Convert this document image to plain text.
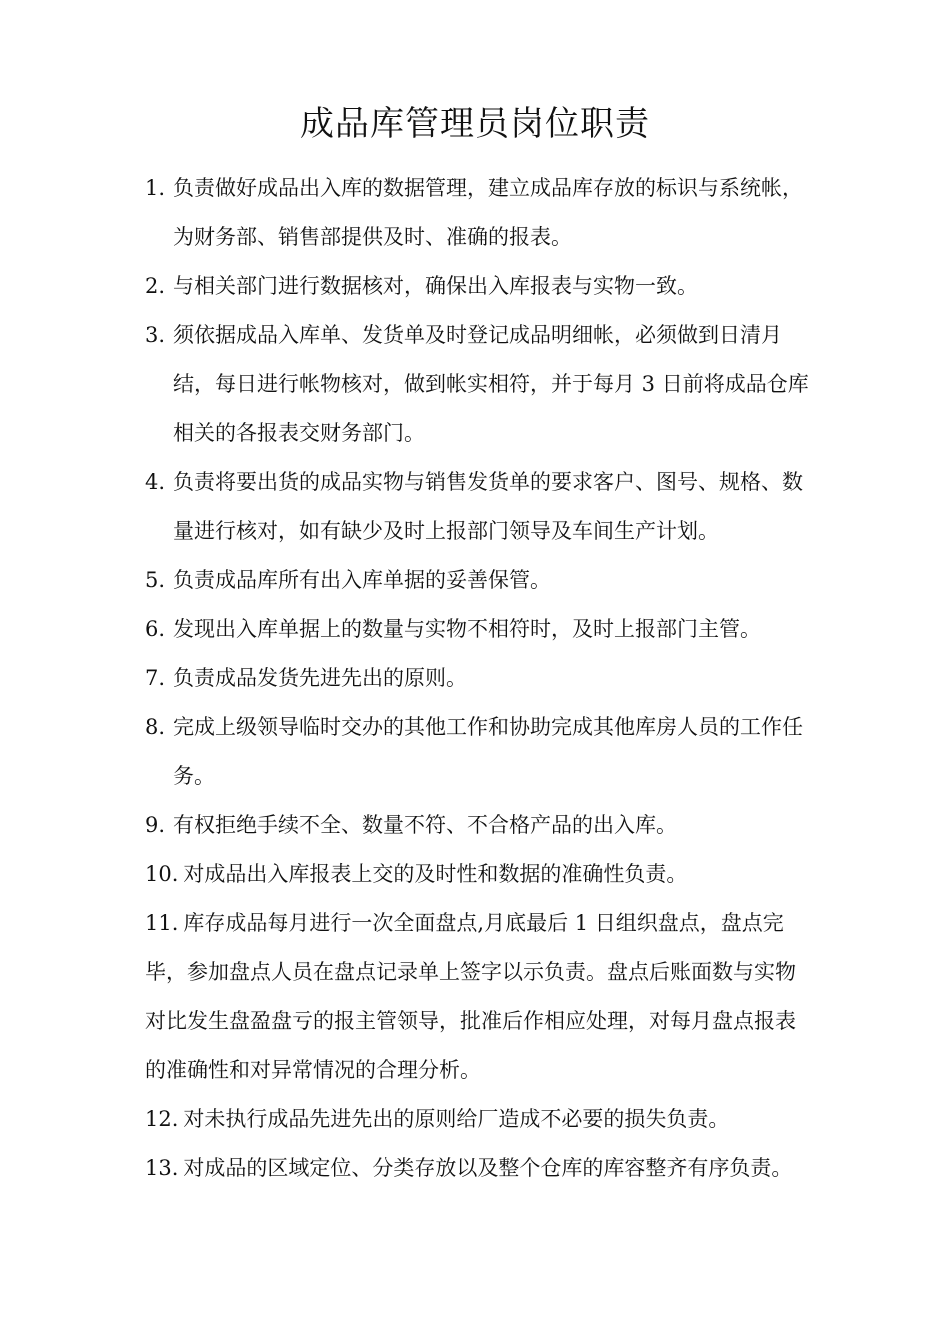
成品库管理员岗位职责
1. 负责做好成品出入库的数据管理，建立成品库存放的标识与系统帐，为财务部、销售部提供及时、准确的报表。
2. 与相关部门进行数据核对，确保出入库报表与实物一致。
3. 须依据成品入库单、发货单及时登记成品明细帐，必须做到日清月结，每日进行帐物核对，做到帐实相符，并于每月 3 日前将成品仓库相关的各报表交财务部门。
4. 负责将要出货的成品实物与销售发货单的要求客户、图号、规格、数量进行核对，如有缺少及时上报部门领导及车间生产计划。
5. 负责成品库所有出入库单据的妥善保管。
6. 发现出入库单据上的数量与实物不相符时，及时上报部门主管。
7. 负责成品发货先进先出的原则。
8. 完成上级领导临时交办的其他工作和协助完成其他库房人员的工作任务。
9. 有权拒绝手续不全、数量不符、不合格产品的出入库。
10. 对成品出入库报表上交的及时性和数据的准确性负责。
11. 库存成品每月进行一次全面盘点,月底最后 1 日组织盘点，盘点完毕，参加盘点人员在盘点记录单上签字以示负责。盘点后账面数与实物对比发生盘盈盘亏的报主管领导，批准后作相应处理，对每月盘点报表的准确性和对异常情况的合理分析。
12. 对未执行成品先进先出的原则给厂造成不必要的损失负责。
13. 对成品的区域定位、分类存放以及整个仓库的库容整齐有序负责。
